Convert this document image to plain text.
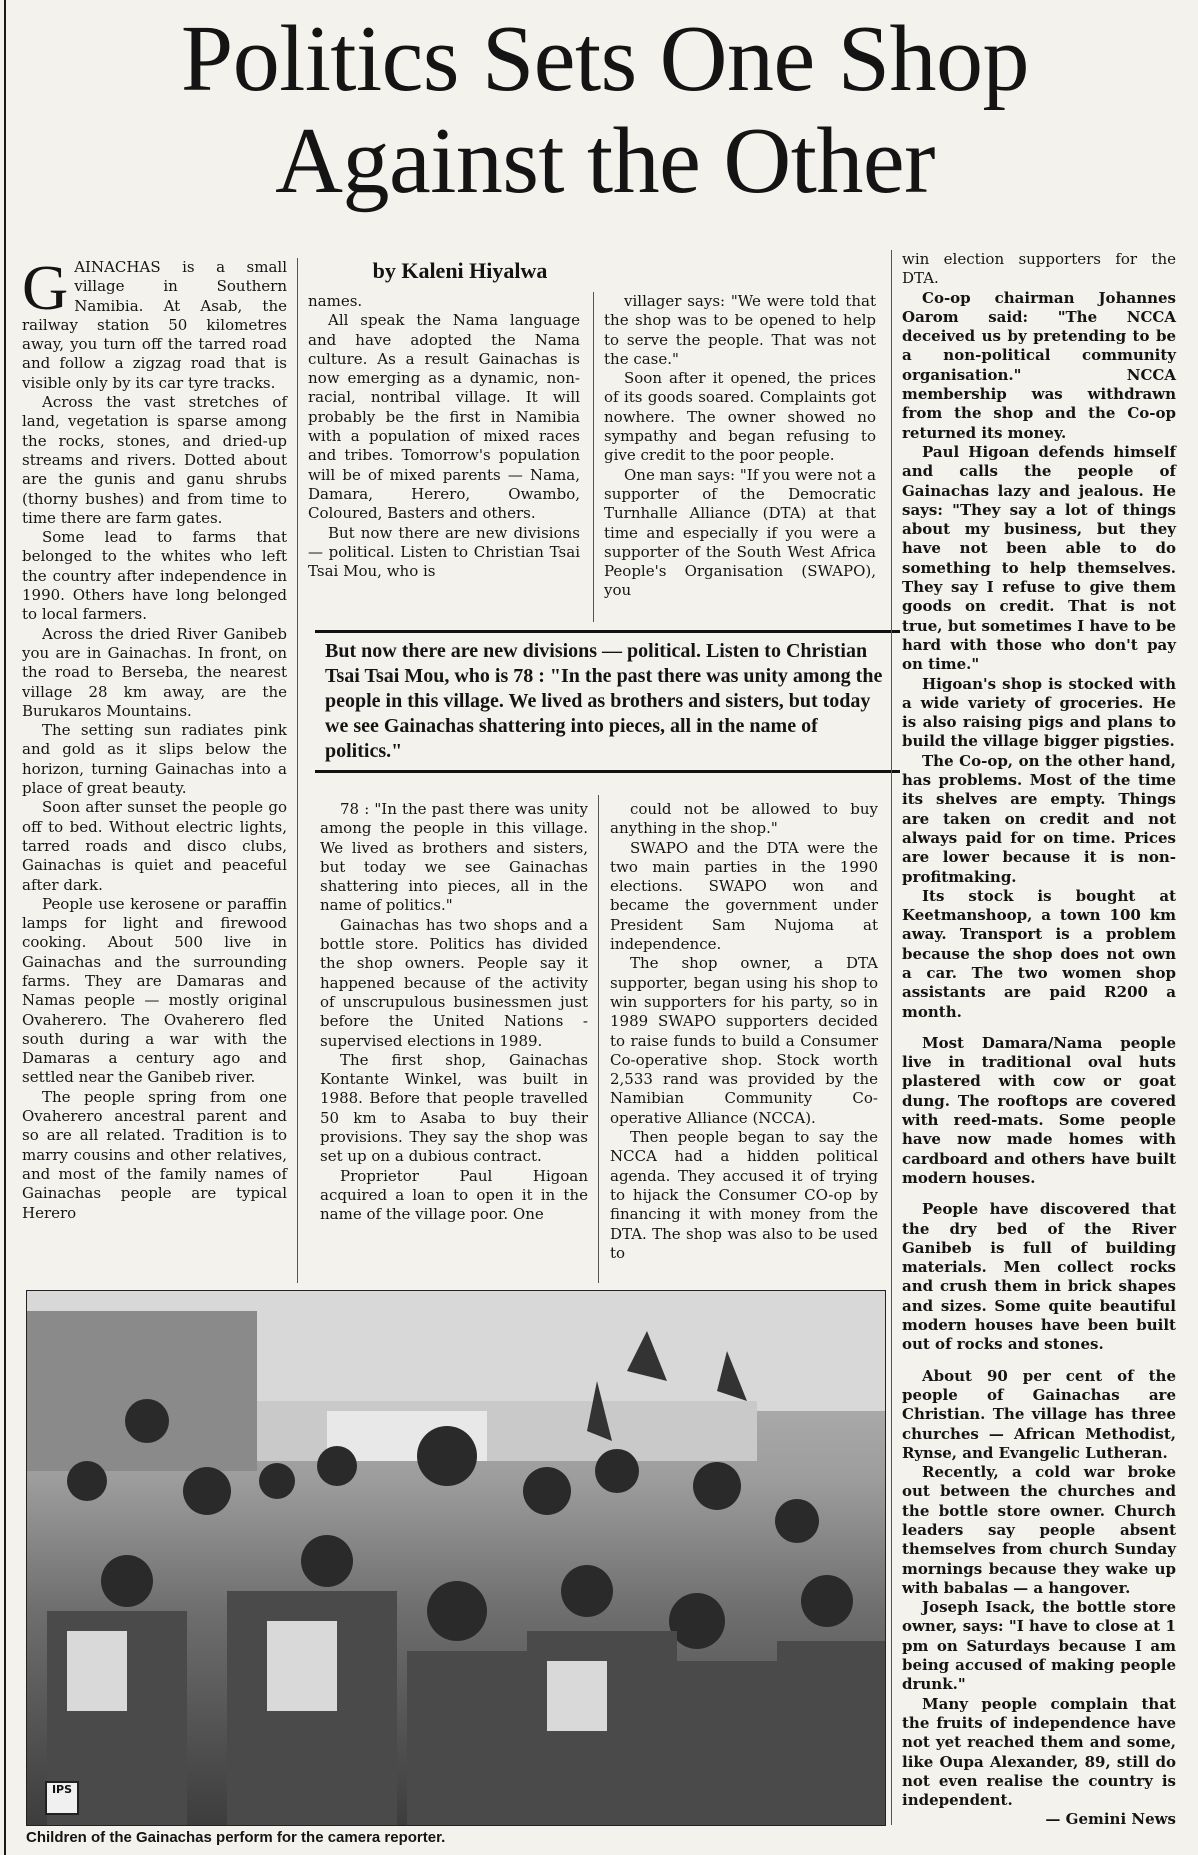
Politics Sets One Shop
Against the Other
by Kaleni Hiyalwa

GAINACHAS is a small village in Southern Namibia. At Asab, the railway station 50 kilometres away, you turn off the tarred road and follow a zigzag road that is visible only by its car tyre tracks.

Across the vast stretches of land, vegetation is sparse among the rocks, stones, and dried-up streams and rivers. Dotted about are the gunis and ganu shrubs (thorny bushes) and from time to time there are farm gates.

Some lead to farms that belonged to the whites who left the country after independence in 1990. Others have long belonged to local farmers.

Across the dried River Ganibeb you are in Gainachas. In front, on the road to Berseba, the nearest village 28 km away, are the Burukaros Mountains.

The setting sun radiates pink and gold as it slips below the horizon, turning Gainachas into a place of great beauty.

Soon after sunset the people go off to bed. Without electric lights, tarred roads and disco clubs, Gainachas is quiet and peaceful after dark.

People use kerosene or paraffin lamps for light and firewood cooking. About 500 live in Gainachas and the surrounding farms. They are Damaras and Namas people — mostly original Ovaherero. The Ovaherero fled south during a war with the Damaras a century ago and settled near the Ganibeb river.

The people spring from one Ovaherero ancestral parent and so are all related. Tradition is to marry cousins and other relatives, and most of the family names of Gainachas people are typical Herero

names.

All speak the Nama language and have adopted the Nama culture. As a result Gainachas is now emerging as a dynamic, non-racial, nontribal village. It will probably be the first in Namibia with a population of mixed races and tribes. Tomorrow's population will be of mixed parents — Nama, Damara, Herero, Owambo, Coloured, Basters and others.

But now there are new divisions — political. Listen to Christian Tsai Tsai Mou, who is

villager says: "We were told that the shop was to be opened to help to serve the people. That was not the case."

Soon after it opened, the prices of its goods soared. Complaints got nowhere. The owner showed no sympathy and began refusing to give credit to the poor people.

One man says: "If you were not a supporter of the Democratic Turnhalle Alliance (DTA) at that time and especially if you were a supporter of the South West Africa People's Organisation (SWAPO), you

But now there are new divisions — political. Listen to Christian Tsai Tsai Mou, who is 78 : "In the past there was unity among the people in this village. We lived as brothers and sisters, but today we see Gainachas shattering into pieces, all in the name of politics."

78 : "In the past there was unity among the people in this village. We lived as brothers and sisters, but today we see Gainachas shattering into pieces, all in the name of politics."

Gainachas has two shops and a bottle store. Politics has divided the shop owners. People say it happened because of the activity of unscrupulous businessmen just before the United Nations -supervised elections in 1989.

The first shop, Gainachas Kontante Winkel, was built in 1988. Before that people travelled 50 km to Asaba to buy their provisions. They say the shop was set up on a dubious contract.

Proprietor Paul Higoan acquired a loan to open it in the name of the village poor. One

could not be allowed to buy anything in the shop."

SWAPO and the DTA were the two main parties in the 1990 elections. SWAPO won and became the government under President Sam Nujoma at independence.

The shop owner, a DTA supporter, began using his shop to win supporters for his party, so in 1989 SWAPO supporters decided to raise funds to build a Consumer Co-operative shop. Stock worth 2,533 rand was provided by the Namibian Community Co-operative Alliance (NCCA).

Then people began to say the NCCA had a hidden political agenda. They accused it of trying to hijack the Consumer CO-op by financing it with money from the DTA. The shop was also to be used to

win election supporters for the DTA.

Co-op chairman Johannes Oarom said: "The NCCA deceived us by pretending to be a non-political community organisation." NCCA membership was withdrawn from the shop and the Co-op returned its money.

Paul Higoan defends himself and calls the people of Gainachas lazy and jealous. He says: "They say a lot of things about my business, but they have not been able to do something to help themselves. They say I refuse to give them goods on credit. That is not true, but sometimes I have to be hard with those who don't pay on time."

Higoan's shop is stocked with a wide variety of groceries. He is also raising pigs and plans to build the village bigger pigsties.

The Co-op, on the other hand, has problems. Most of the time its shelves are empty. Things are taken on credit and not always paid for on time. Prices are lower because it is non-profitmaking.

Its stock is bought at Keetmanshoop, a town 100 km away. Transport is a problem because the shop does not own a car. The two women shop assistants are paid R200 a month.

Most Damara/Nama people live in traditional oval huts plastered with cow or goat dung. The rooftops are covered with reed-mats. Some people have now made homes with cardboard and others have built modern houses.

People have discovered that the dry bed of the River Ganibeb is full of building materials. Men collect rocks and crush them in brick shapes and sizes. Some quite beautiful modern houses have been built out of rocks and stones.

About 90 per cent of the people of Gainachas are Christian. The village has three churches — African Methodist, Rynse, and Evangelic Lutheran.

Recently, a cold war broke out between the churches and the bottle store owner. Church leaders say people absent themselves from church Sunday mornings because they wake up with babalas — a hangover.

Joseph Isack, the bottle store owner, says: "I have to close at 1 pm on Saturdays because I am being accused of making people drunk."

Many people complain that the fruits of independence have not yet reached them and some, like Oupa Alexander, 89, still do not even realise the country is independent.

— Gemini News

IPS
Children of the Gainachas perform for the camera reporter.
